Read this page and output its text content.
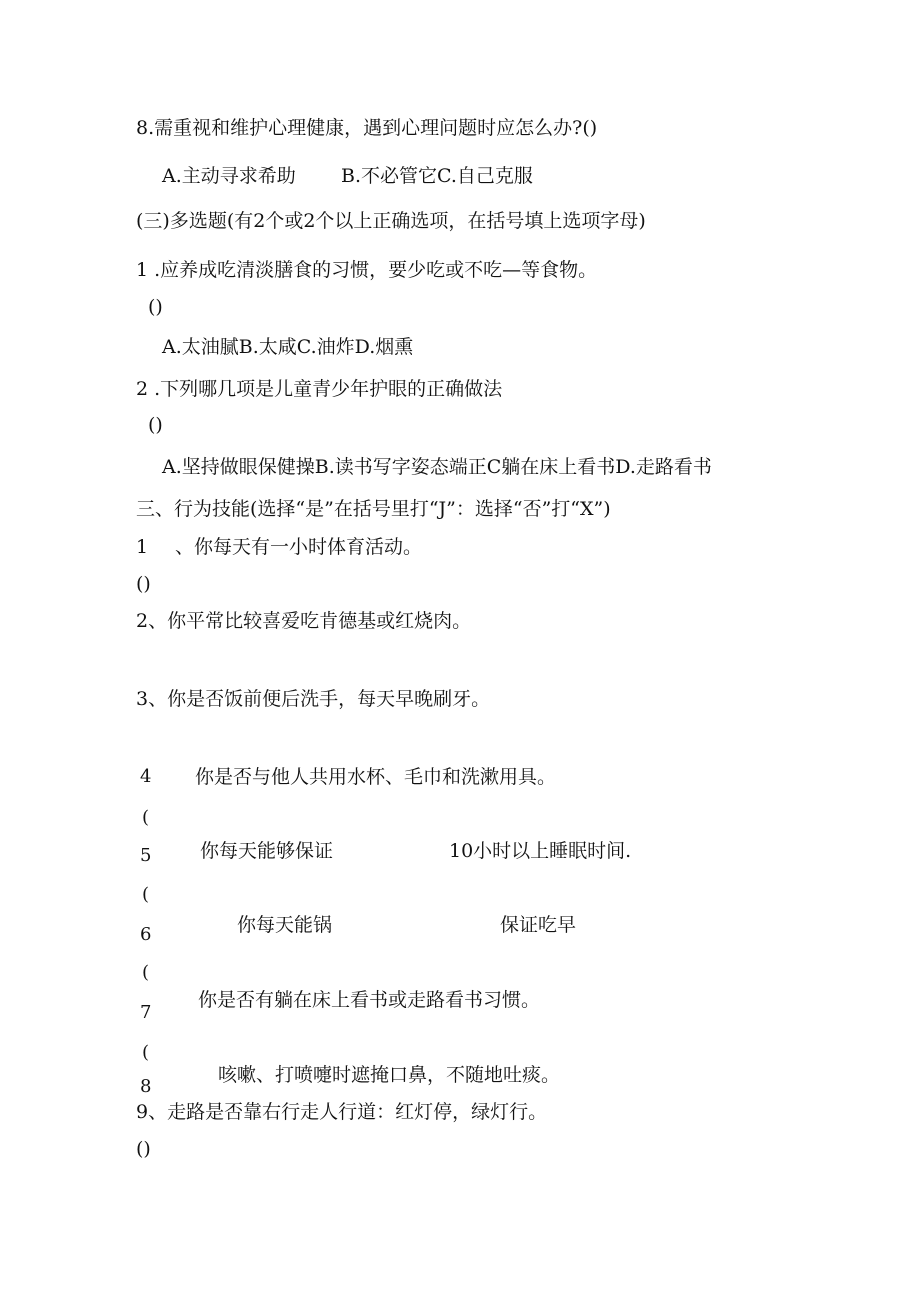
8.需重视和维护心理健康，遇到心理问题时应怎么办?()
A.主动寻求希助 B.不必管它C.自己克服
(三)多选题(有2个或2个以上正确选项，在括号填上选项字母)
1 .应养成吃清淡膳食的习惯，要少吃或不吃—等食物。
()
A.太油腻B.太咸C.油炸D.烟熏
2 .下列哪几项是儿童青少年护眼的正确做法
()
A.坚持做眼保健操B.读书写字姿态端正C躺在床上看书D.走路看书
三、行为技能(选择“是”在括号里打“J”：选择“否”打“X”)
1 、你每天有一小时体育活动。
()
2、你平常比较喜爱吃肯德基或红烧肉。
3、你是否饭前便后洗手，每天早晚刷牙。
4 你是否与他人共用水杯、毛巾和洗漱用具。
(
5	你每天能够保证	10小时以上睡眠时间.
(
6	你每天能锅	保证吃早
(
7
你是否有躺在床上看书或走路看书习惯。
(
8
咳嗽、打喷嚏时遮掩口鼻，不随地吐痰。
9、走路是否靠右行走人行道：红灯停，绿灯行。
()
